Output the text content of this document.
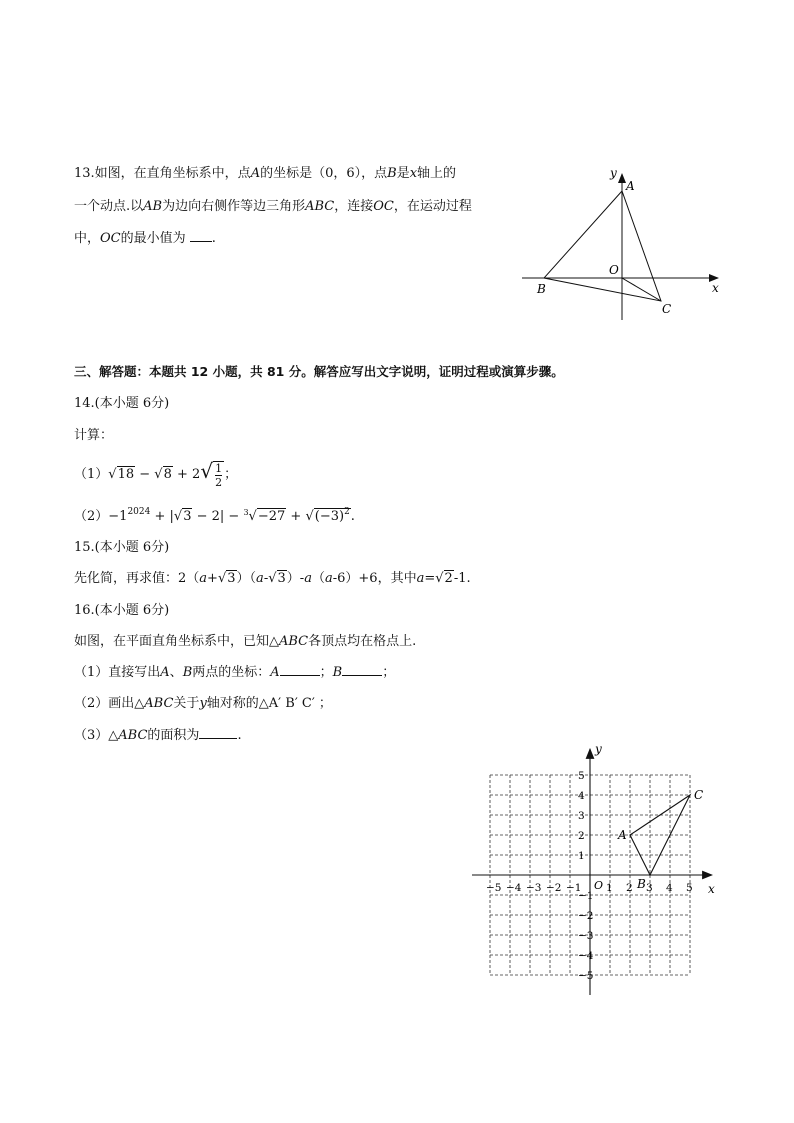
13.如图，在直角坐标系中，点A的坐标是（0，6），点B是x轴上的
一个动点.以AB为边向右侧作等边三角形ABC，连接OC，在运动过程
中，OC的最小值为 .
y
A
O
B	x
C
三、解答题：本题共 12 小题，共 81 分。解答应写出文字说明，证明过程或演算步骤。
14.(本小题 6分)
计算：
$(1)√18 - √8 + 2√ \frac{1}{2}$ ；
$(2)-1^{2024} + |√3 - 2| - ^3√-27 + √(-3)^2$.
15.(本小题 6分)
先化简，再求值：2（a+√3）（a-√3）-a（a-6）+6，其中a=√2-1.
16.(本小题 6分)
如图，在平面直角坐标系中，已知△ABC各顶点均在格点上.
（1）直接写出A、B两点的坐标：A	；B	；
（2）画出△ABC关于y轴对称的△A′ B′ C′ ；
（3）△ABC的面积为	.
−5 −4 −3 −2 −1 1 2 3 4 5
5
4
3
2
1
−1
−2
−3
−4
−5
O	x
y
A
B
C
